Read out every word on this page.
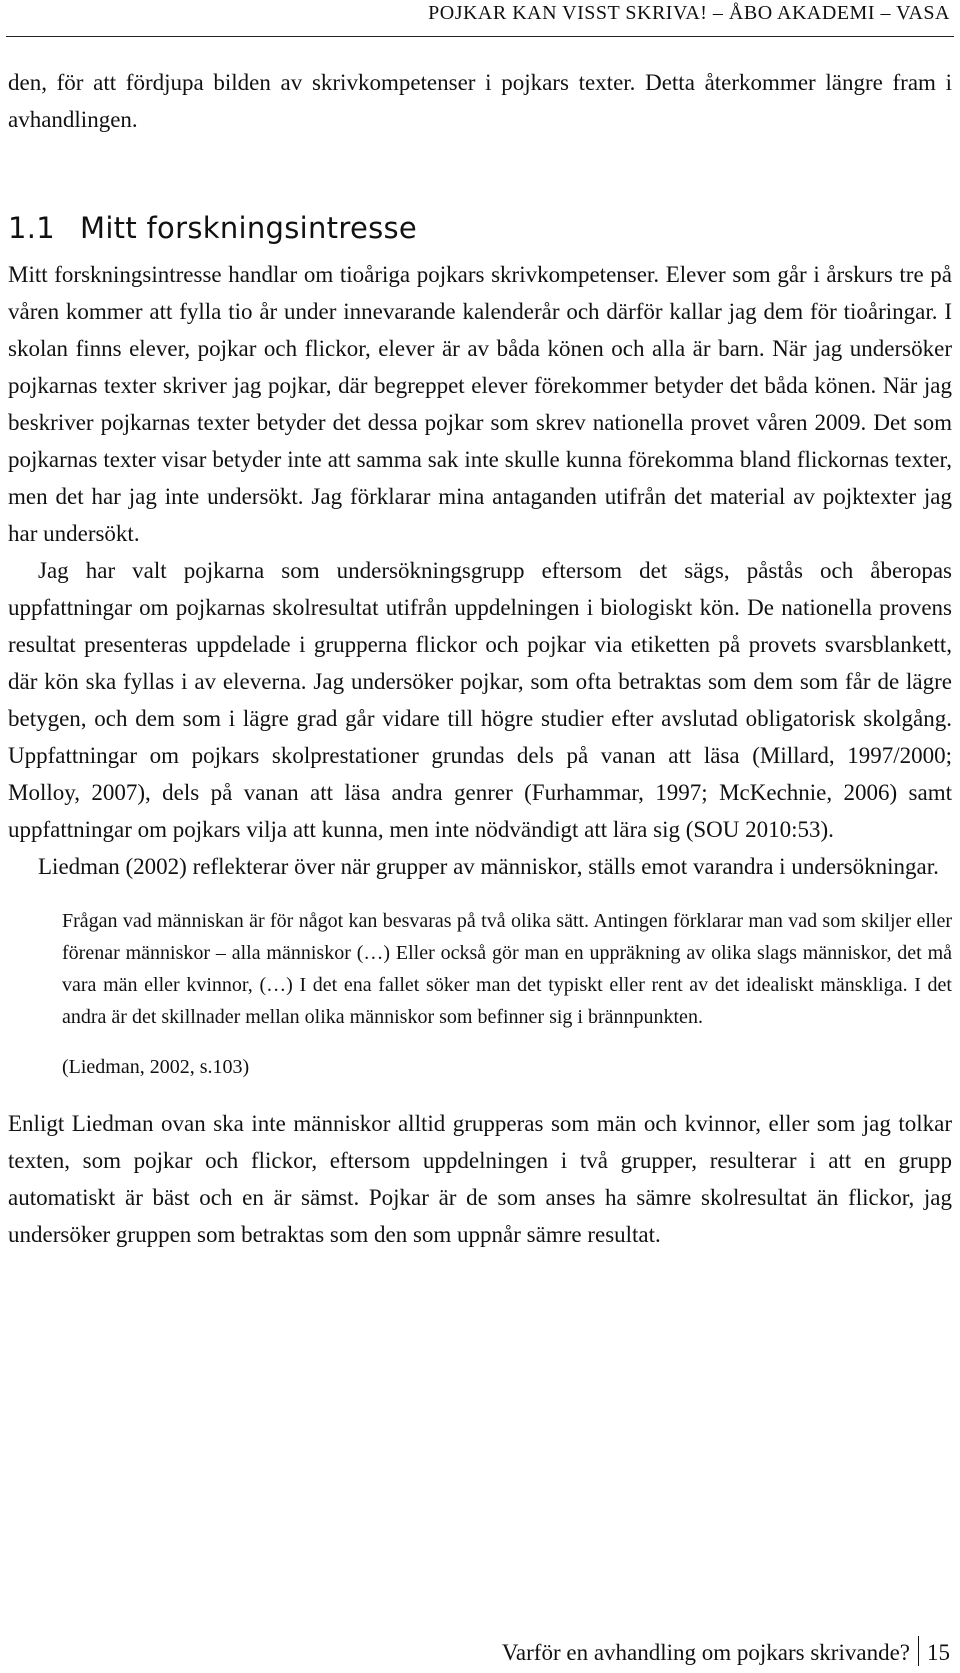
POJKAR KAN VISST SKRIVA! – ÅBO AKADEMI – VASA

den, för att fördjupa bilden av skrivkompetenser i pojkars texter. Detta återkommer längre fram i avhandlingen.

1.1 Mitt forskningsintresse

Mitt forskningsintresse handlar om tioåriga pojkars skrivkompetenser. Elever som går i årskurs tre på våren kommer att fylla tio år under innevarande kalenderår och därför kallar jag dem för tioåringar. I skolan finns elever, pojkar och flickor, elever är av båda könen och alla är barn. När jag undersöker pojkarnas texter skriver jag pojkar, där begreppet elever förekommer betyder det båda könen. När jag beskriver pojkarnas texter betyder det dessa pojkar som skrev nationella provet våren 2009. Det som pojkarnas texter visar betyder inte att samma sak inte skulle kunna förekomma bland flickornas texter, men det har jag inte undersökt. Jag förklarar mina antaganden utifrån det material av pojktexter jag har undersökt.

Jag har valt pojkarna som undersökningsgrupp eftersom det sägs, påstås och åberopas uppfattningar om pojkarnas skolresultat utifrån uppdelningen i biologiskt kön. De nationella provens resultat presenteras uppdelade i grupperna flickor och pojkar via etiketten på provets svarsblankett, där kön ska fyllas i av eleverna. Jag undersöker pojkar, som ofta betraktas som dem som får de lägre betygen, och dem som i lägre grad går vidare till högre studier efter avslutad obligatorisk skolgång. Uppfattningar om pojkars skolprestationer grundas dels på vanan att läsa (Millard, 1997/2000; Molloy, 2007), dels på vanan att läsa andra genrer (Furhammar, 1997; McKechnie, 2006) samt uppfattningar om pojkars vilja att kunna, men inte nödvändigt att lära sig (SOU 2010:53).

Liedman (2002) reflekterar över när grupper av människor, ställs emot varandra i undersökningar.

Frågan vad människan är för något kan besvaras på två olika sätt. Antingen förklarar man vad som skiljer eller förenar människor – alla människor (…) Eller också gör man en uppräkning av olika slags människor, det må vara män eller kvinnor, (…) I det ena fallet söker man det typiskt eller rent av det idealiskt mänskliga. I det andra är det skillnader mellan olika människor som befinner sig i brännpunkten.

(Liedman, 2002, s.103)

Enligt Liedman ovan ska inte människor alltid grupperas som män och kvinnor, eller som jag tolkar texten, som pojkar och flickor, eftersom uppdelningen i två grupper, resulterar i att en grupp automatiskt är bäst och en är sämst. Pojkar är de som anses ha sämre skolresultat än flickor, jag undersöker gruppen som betraktas som den som uppnår sämre resultat.

Varför en avhandling om pojkars skrivande? 15
